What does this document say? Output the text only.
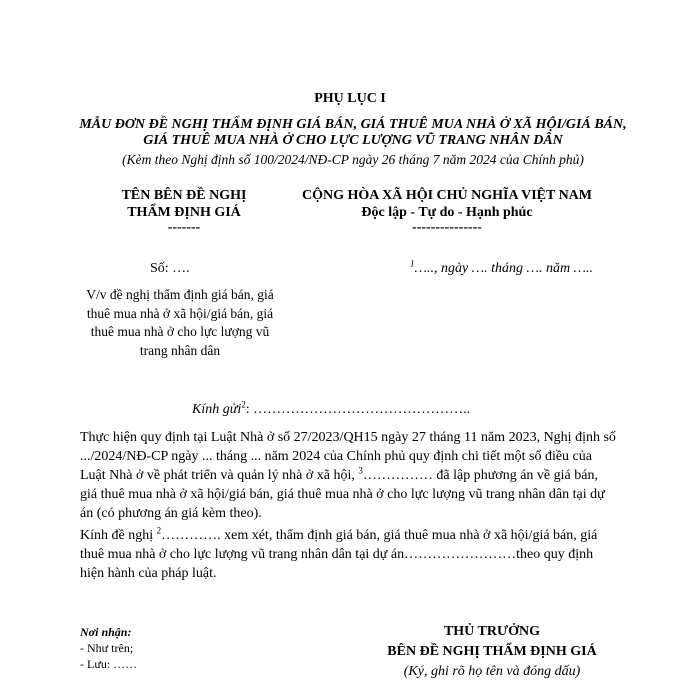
PHỤ LỤC I
MẪU ĐƠN ĐỀ NGHỊ THẨM ĐỊNH GIÁ BÁN, GIÁ THUÊ MUA NHÀ Ở XÃ HỘI/GIÁ BÁN, GIÁ THUÊ MUA NHÀ Ở CHO LỰC LƯỢNG VŨ TRANG NHÂN DÂN
(Kèm theo Nghị định số 100/2024/NĐ-CP ngày 26 tháng 7 năm 2024 của Chính phủ)
TÊN BÊN ĐỀ NGHỊ
THẨM ĐỊNH GIÁ
-------
CỘNG HÒA XÃ HỘI CHỦ NGHĨA VIỆT NAM
Độc lập - Tự do - Hạnh phúc
---------------
Số: ….	$^1$….., ngày …. tháng …. năm …..
V/v đề nghị thẩm định giá bán, giá thuê mua nhà ở xã hội/giá bán, giá thuê mua nhà ở cho lực lượng vũ trang nhân dân
Kính gửi$^2$: ………………………………………..
Thực hiện quy định tại Luật Nhà ở số 27/2023/QH15 ngày 27 tháng 11 năm 2023, Nghị định số .../2024/NĐ-CP ngày ... tháng ... năm 2024 của Chính phủ quy định chi tiết một số điều của Luật Nhà ở về phát triển và quản lý nhà ở xã hội, $^3$…………… đã lập phương án về giá bán, giá thuê mua nhà ở xã hội/giá bán, giá thuê mua nhà ở cho lực lượng vũ trang nhân dân tại dự án (có phương án giá kèm theo).
Kính đề nghị $^2$…………. xem xét, thẩm định giá bán, giá thuê mua nhà ở xã hội/giá bán, giá thuê mua nhà ở cho lực lượng vũ trang nhân dân tại dự án……………………theo quy định hiện hành của pháp luật.
Nơi nhận:
- Như trên;
- Lưu: ……
THỦ TRƯỞNG
BÊN ĐỀ NGHỊ THẨM ĐỊNH GIÁ
(Ký, ghi rõ họ tên và đóng dấu)
